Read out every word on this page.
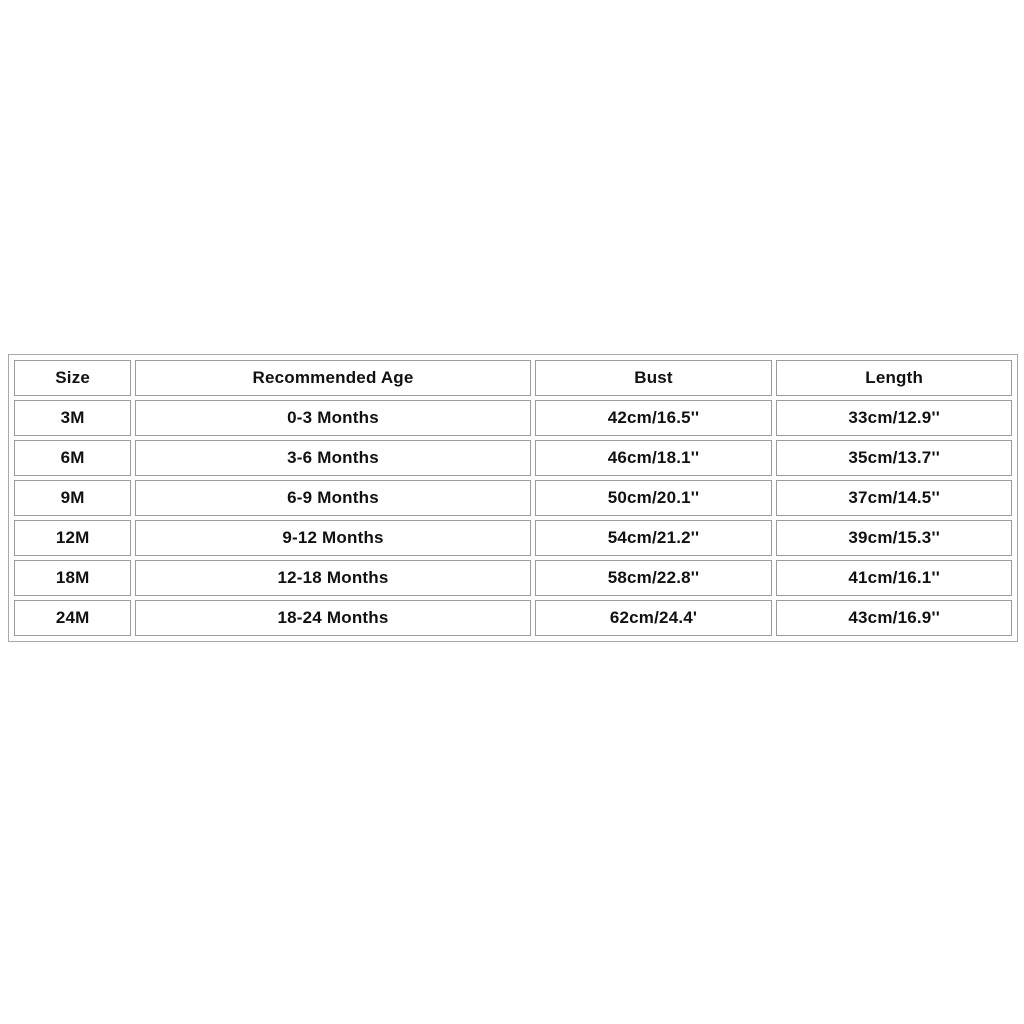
Size	Recommended Age	Bust	Length
3M	0-3 Months	42cm/16.5''	33cm/12.9''
6M	3-6 Months	46cm/18.1''	35cm/13.7''
9M	6-9 Months	50cm/20.1''	37cm/14.5''
12M	9-12 Months	54cm/21.2''	39cm/15.3''
18M	12-18 Months	58cm/22.8''	41cm/16.1''
24M	18-24 Months	62cm/24.4'	43cm/16.9''
